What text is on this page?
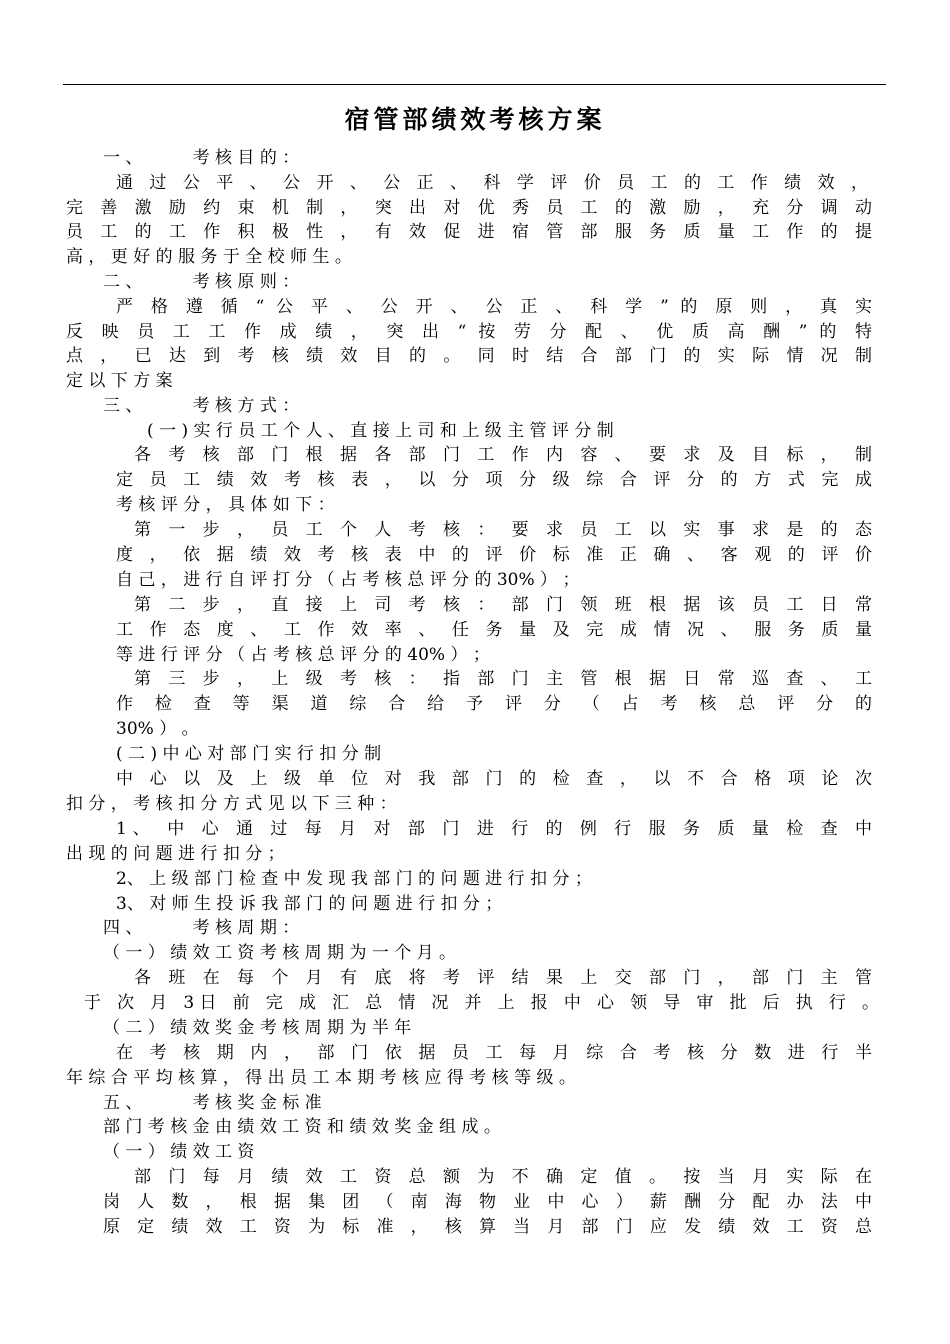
宿管部绩效考核方案
一 、 　 　 考 核 目 的 ：
通 过 公 平 、 公 开 、 公 正 、 科 学 评 价 员 工 的 工 作 绩 效 ，
完 善 激 励 约 束 机 制 ， 突 出 对 优 秀 员 工 的 激 励 ， 充 分 调 动
员 工 的 工 作 积 极 性 ， 有 效 促 进 宿 管 部 服 务 质 量 工 作 的 提
高 ， 更 好 的 服 务 于 全 校 师 生 。
二 、 　 　 考 核 原 则 ：
严 格 遵 循 “ 公 平 、 公 开 、 公 正 、 科 学 ” 的 原 则 ， 真 实
反 映 员 工 工 作 成 绩 ， 突 出 “ 按 劳 分 配 、 优 质 高 酬 ” 的 特
点 ， 已 达 到 考 核 绩 效 目 的 。 同 时 结 合 部 门 的 实 际 情 况 制
定 以 下 方 案
三 、 　 　 考 核 方 式 ：
( 一 ) 实 行 员 工 个 人 、 直 接 上 司 和 上 级 主 管 评 分 制
各 考 核 部 门 根 据 各 部 门 工 作 内 容 、 要 求 及 目 标 ， 制
定 员 工 绩 效 考 核 表 ， 以 分 项 分 级 综 合 评 分 的 方 式 完 成
考 核 评 分 ， 具 体 如 下 ：
第 一 步 ， 员 工 个 人 考 核 ： 要 求 员 工 以 实 事 求 是 的 态
度 ， 依 据 绩 效 考 核 表 中 的 评 价 标 准 正 确 、 客 观 的 评 价
自 己 ， 进 行 自 评 打 分 （ 占 考 核 总 评 分 的 30% ） ；
第 二 步 ， 直 接 上 司 考 核 ： 部 门 领 班 根 据 该 员 工 日 常
工 作 态 度 、 工 作 效 率 、 任 务 量 及 完 成 情 况 、 服 务 质 量
等 进 行 评 分 （ 占 考 核 总 评 分 的 40% ） ；
第 三 步 ， 上 级 考 核 ： 指 部 门 主 管 根 据 日 常 巡 查 、 工
作 检 查 等 渠 道 综 合 给 予 评 分 （ 占 考 核 总 评 分 的
30% ） 。
( 二 ) 中 心 对 部 门 实 行 扣 分 制
中 心 以 及 上 级 单 位 对 我 部 门 的 检 查 ， 以 不 合 格 项 论 次
扣 分 ， 考 核 扣 分 方 式 见 以 下 三 种 ：
1、 中 心 通 过 每 月 对 部 门 进 行 的 例 行 服 务 质 量 检 查 中
出 现 的 问 题 进 行 扣 分 ；
2、 上 级 部 门 检 查 中 发 现 我 部 门 的 问 题 进 行 扣 分 ；
3、 对 师 生 投 诉 我 部 门 的 问 题 进 行 扣 分 ；
四 、 　 　 考 核 周 期 ：
（ 一 ） 绩 效 工 资 考 核 周 期 为 一 个 月 。
各 班 在 每 个 月 有 底 将 考 评 结 果 上 交 部 门 ， 部 门 主 管
于 次 月 3日 前 完 成 汇 总 情 况 并 上 报 中 心 领 导 审 批 后 执 行 。
（ 二 ） 绩 效 奖 金 考 核 周 期 为 半 年
在 考 核 期 内 ， 部 门 依 据 员 工 每 月 综 合 考 核 分 数 进 行 半
年 综 合 平 均 核 算 ， 得 出 员 工 本 期 考 核 应 得 考 核 等 级 。
五 、 　 　 考 核 奖 金 标 准
部 门 考 核 金 由 绩 效 工 资 和 绩 效 奖 金 组 成 。
（ 一 ） 绩 效 工 资
部 门 每 月 绩 效 工 资 总 额 为 不 确 定 值 。 按 当 月 实 际 在
岗 人 数 ， 根 据 集 团 （ 南 海 物 业 中 心 ） 薪 酬 分 配 办 法 中
原 定 绩 效 工 资 为 标 准 ， 核 算 当 月 部 门 应 发 绩 效 工 资 总
